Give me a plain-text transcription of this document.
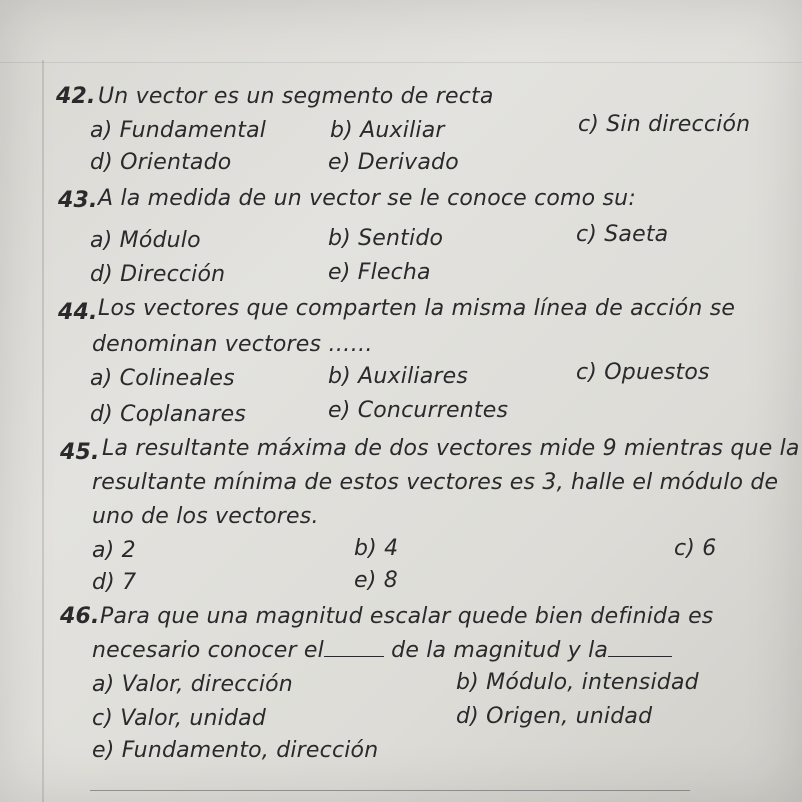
42. Un vector es un segmento de recta
a) Fundamental	b) Auxiliar	c) Sin dirección
d) Orientado	e) Derivado
43. A la medida de un vector se le conoce como su:
a) Módulo	b) Sentido	c) Saeta
d) Dirección	e) Flecha
44. Los vectores que comparten la misma línea de acción se
denominan vectores ……
a) Colineales	b) Auxiliares	c) Opuestos
d) Coplanares	e) Concurrentes
45. La resultante máxima de dos vectores mide 9 mientras que la
resultante mínima de estos vectores es 3, halle el módulo de
uno de los vectores.
a) 2	b) 4	c) 6
d) 7	e) 8
46. Para que una magnitud escalar quede bien definida es
necesario conocer el	de la magnitud y la
a) Valor, dirección	b) Módulo, intensidad
c) Valor, unidad	d) Origen, unidad
e) Fundamento, dirección
